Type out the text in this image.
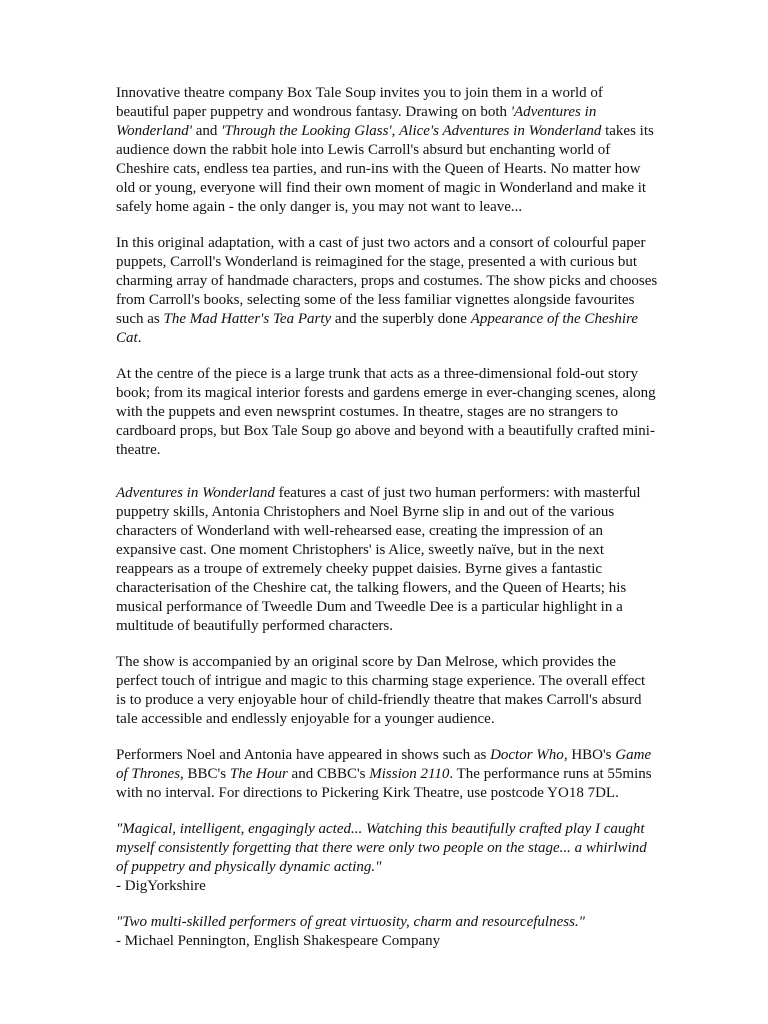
Innovative theatre company Box Tale Soup invites you to join them in a world of beautiful paper puppetry and wondrous fantasy. Drawing on both 'Adventures in Wonderland' and 'Through the Looking Glass', Alice's Adventures in Wonderland takes its audience down the rabbit hole into Lewis Carroll's absurd but enchanting world of Cheshire cats, endless tea parties, and run-ins with the Queen of Hearts. No matter how old or young, everyone will find their own moment of magic in Wonderland and make it safely home again - the only danger is, you may not want to leave...

In this original adaptation, with a cast of just two actors and a consort of colourful paper puppets, Carroll's Wonderland is reimagined for the stage, presented a with curious but charming array of handmade characters, props and costumes. The show picks and chooses from Carroll's books, selecting some of the less familiar vignettes alongside favourites such as The Mad Hatter's Tea Party and the superbly done Appearance of the Cheshire Cat.

At the centre of the piece is a large trunk that acts as a three-dimensional fold-out story book; from its magical interior forests and gardens emerge in ever-changing scenes, along with the puppets and even newsprint costumes. In theatre, stages are no strangers to cardboard props, but Box Tale Soup go above and beyond with a beautifully crafted mini-theatre.

Adventures in Wonderland features a cast of just two human performers: with masterful puppetry skills, Antonia Christophers and Noel Byrne slip in and out of the various characters of Wonderland with well-rehearsed ease, creating the impression of an expansive cast. One moment Christophers' is Alice, sweetly naïve, but in the next reappears as a troupe of extremely cheeky puppet daisies. Byrne gives a fantastic characterisation of the Cheshire cat, the talking flowers, and the Queen of Hearts; his musical performance of Tweedle Dum and Tweedle Dee is a particular highlight in a multitude of beautifully performed characters.

The show is accompanied by an original score by Dan Melrose, which provides the perfect touch of intrigue and magic to this charming stage experience. The overall effect is to produce a very enjoyable hour of child-friendly theatre that makes Carroll's absurd tale accessible and endlessly enjoyable for a younger audience.

Performers Noel and Antonia have appeared in shows such as Doctor Who, HBO's Game of Thrones, BBC's The Hour and CBBC's Mission 2110. The performance runs at 55mins with no interval. For directions to Pickering Kirk Theatre, use postcode YO18 7DL.

"Magical, intelligent, engagingly acted... Watching this beautifully crafted play I caught myself consistently forgetting that there were only two people on the stage... a whirlwind of puppetry and physically dynamic acting."
- DigYorkshire
"Two multi-skilled performers of great virtuosity, charm and resourcefulness."
- Michael Pennington, English Shakespeare Company
